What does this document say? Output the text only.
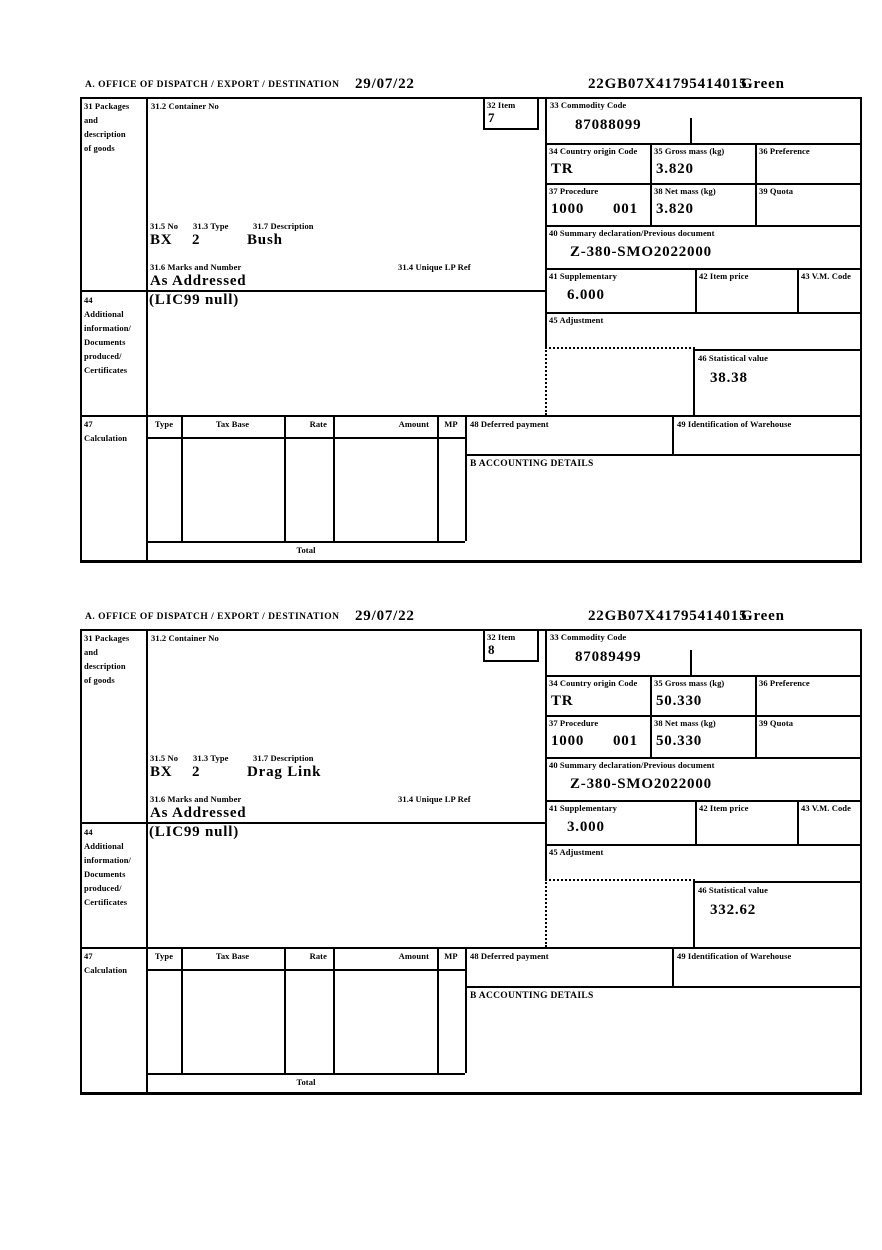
A. OFFICE OF DISPATCH / EXPORT / DESTINATION 29/07/22	22GB07X41795414015
Green
31 Packages
and
description
of goods
31.2 Container No	32 Item
7
33 Commodity Code
87088099
34 Country origin Code
TR
35 Gross mass (kg)
3.820
36 Preference
37 Procedure
1000 001
38 Net mass (kg)
3.820
39 Quota
31.5 No 31.3 Type	31.7 Description
BX 2	Bush
31.6 Marks and Number	31.4 Unique LP Ref
As Addressed
40 Summary declaration/Previous document
Z-380-SMO2022000
41 Supplementary
6.000
42 Item price	43 V.M. Code
44
Additional
information/
Documents
produced/
Certificates
(LIC99 null)
45 Adjustment
46 Statistical value
38.38
47
Calculation
Type	Tax Base	Rate	Amount	MP
Total
48 Deferred payment	49 Identification of Warehouse
B ACCOUNTING DETAILS
A. OFFICE OF DISPATCH / EXPORT / DESTINATION 29/07/22	22GB07X41795414015
Green
31 Packages
and
description
of goods
31.2 Container No	32 Item
8
33 Commodity Code
87089499
34 Country origin Code
TR
35 Gross mass (kg)
50.330
36 Preference
37 Procedure
1000 001
38 Net mass (kg)
50.330
39 Quota
31.5 No 31.3 Type	31.7 Description
BX 2	Drag Link
31.6 Marks and Number	31.4 Unique LP Ref
As Addressed
40 Summary declaration/Previous document
Z-380-SMO2022000
41 Supplementary
3.000
42 Item price	43 V.M. Code
44
Additional
information/
Documents
produced/
Certificates
(LIC99 null)
45 Adjustment
46 Statistical value
332.62
47
Calculation
Type	Tax Base	Rate	Amount	MP
Total
48 Deferred payment	49 Identification of Warehouse
B ACCOUNTING DETAILS
